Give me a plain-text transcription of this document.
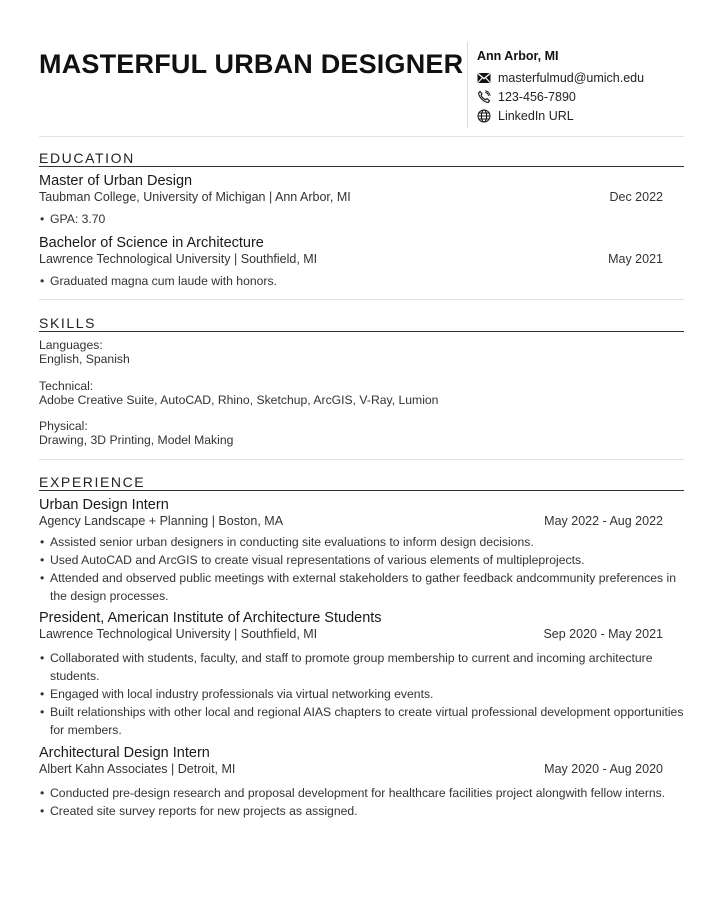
MASTERFUL URBAN DESIGNER Ann Arbor, MI
masterfulmud@umich.edu
123-456-7890
LinkedIn URL
EDUCATION
Master of Urban Design
Taubman College, University of Michigan | Ann Arbor, MI	Dec 2022
• GPA: 3.70
Bachelor of Science in Architecture
Lawrence Technological University | Southfield, MI	May 2021
• Graduated magna cum laude with honors.
SKILLS
Languages:
English, Spanish
Technical:
Adobe Creative Suite, AutoCAD, Rhino, Sketchup, ArcGIS, V-Ray, Lumion
Physical:
Drawing, 3D Printing, Model Making
EXPERIENCE
Urban Design Intern
Agency Landscape + Planning | Boston, MA	May 2022 - Aug 2022
• Assisted senior urban designers in conducting site evaluations to inform design decisions.
• Used AutoCAD and ArcGIS to create visual representations of various elements of multipleprojects.
• Attended and observed public meetings with external stakeholders to gather feedback andcommunity preferences in the design processes.
President, American Institute of Architecture Students
Lawrence Technological University | Southfield, MI	Sep 2020 - May 2021
• Collaborated with students, faculty, and staff to promote group membership to current and incoming architecture students.
• Engaged with local industry professionals via virtual networking events.
• Built relationships with other local and regional AIAS chapters to create virtual professional development opportunities for members.
Architectural Design Intern
Albert Kahn Associates | Detroit, MI	May 2020 - Aug 2020
• Conducted pre-design research and proposal development for healthcare facilities project alongwith fellow interns.
• Created site survey reports for new projects as assigned.
